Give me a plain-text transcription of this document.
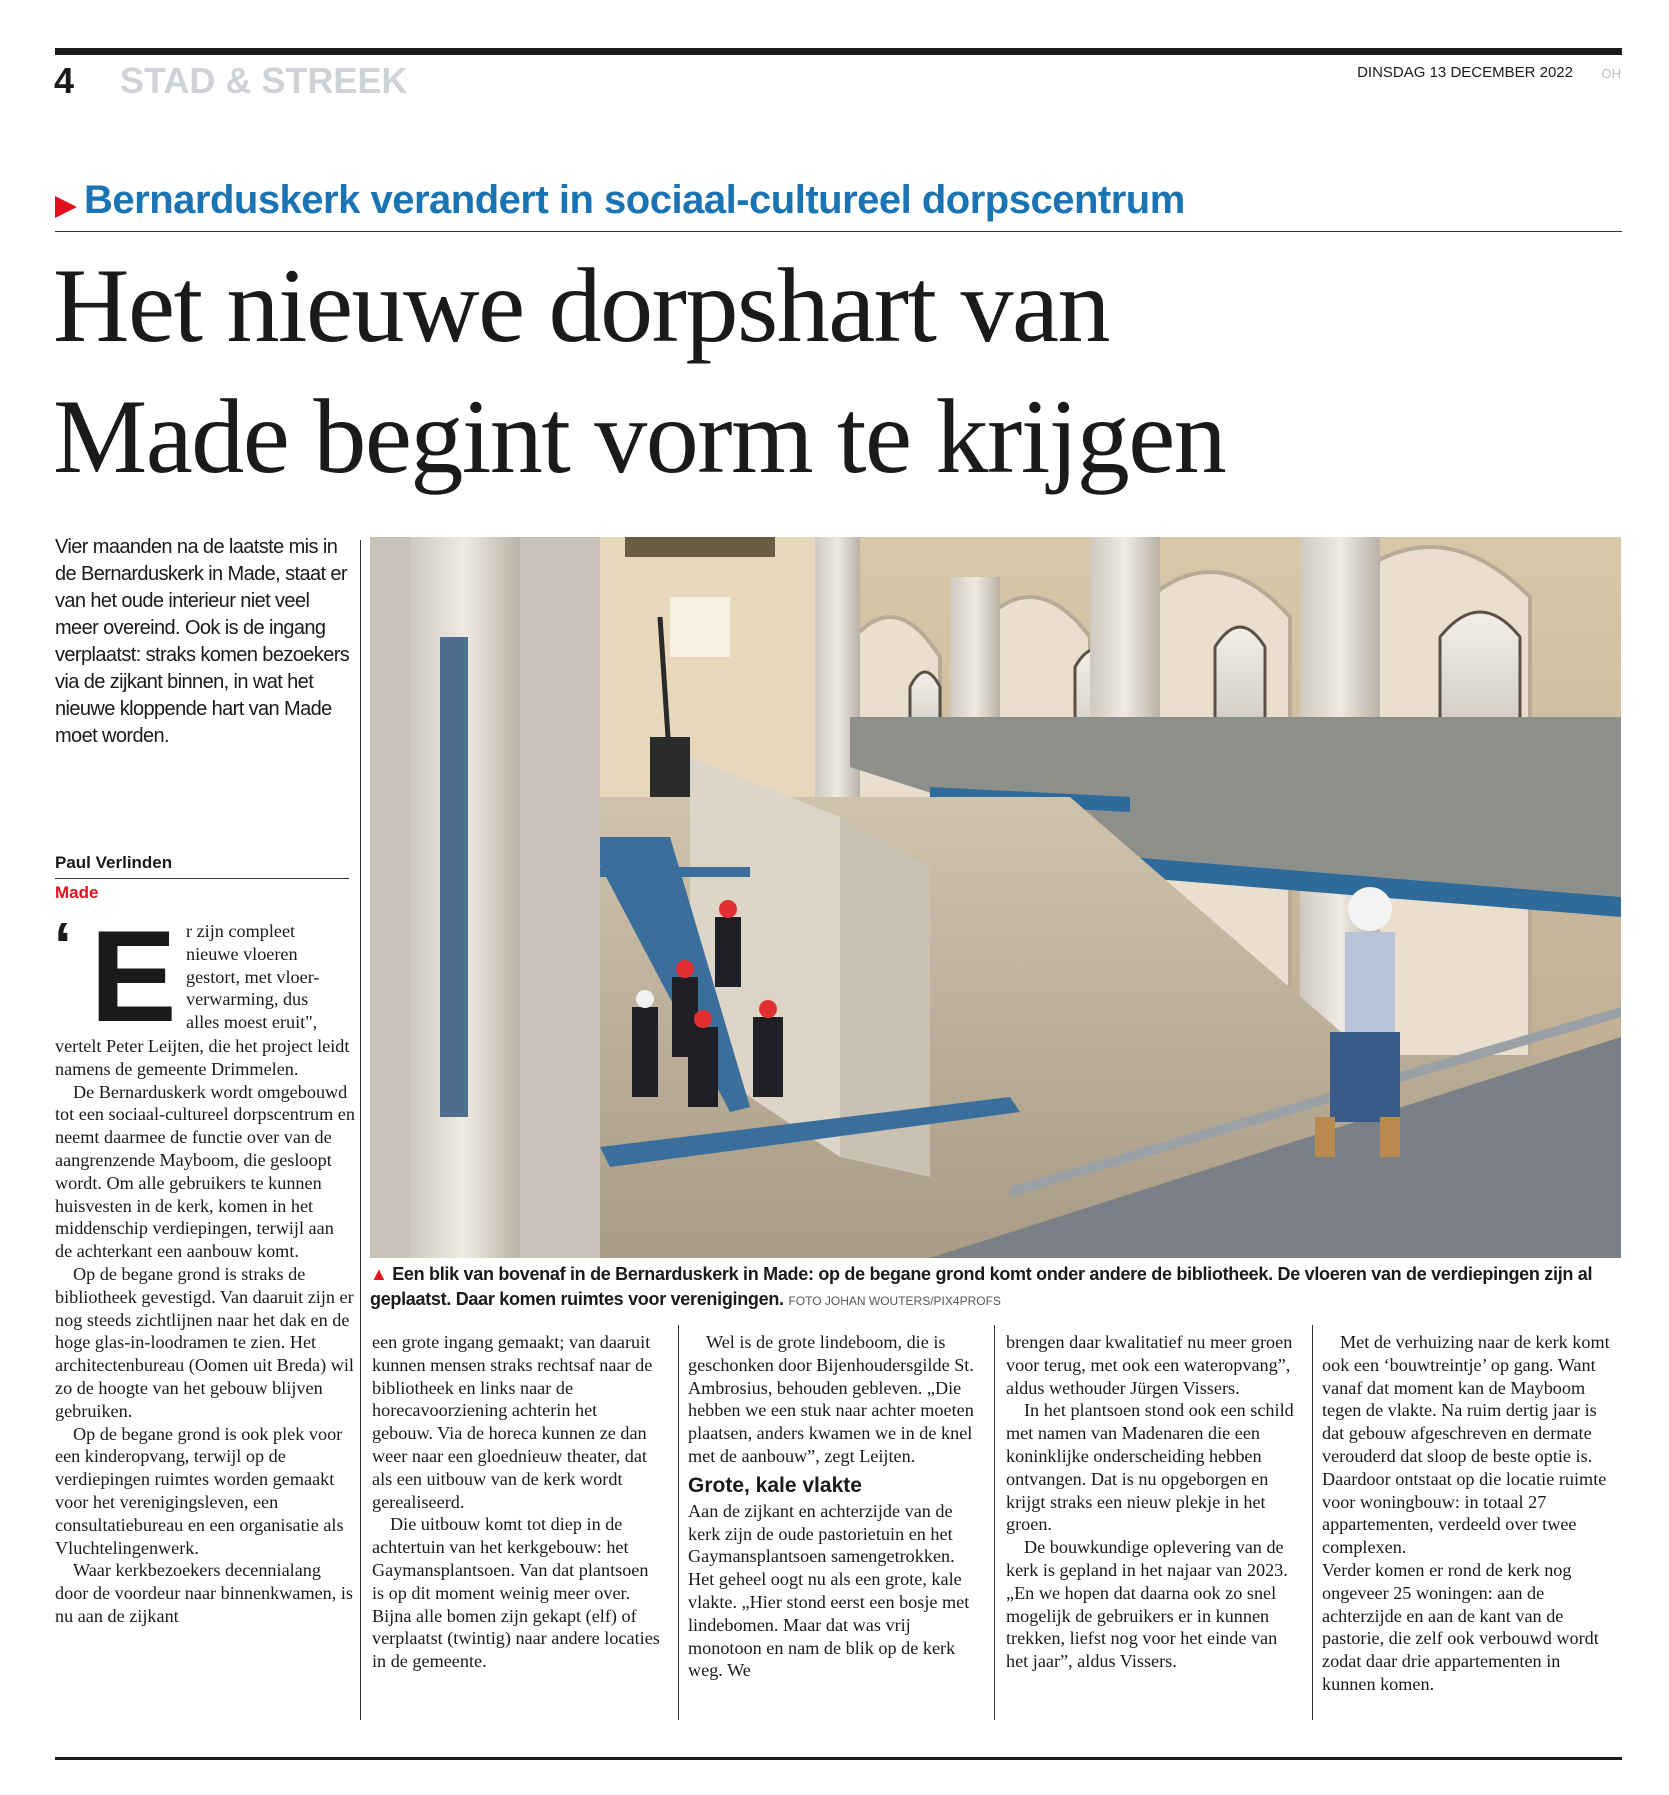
4 STAD & STREEK	DINSDAG 13 DECEMBER 2022 OH
Bernarduskerk verandert in sociaal-cultureel dorpscentrum
Het nieuwe dorpshart van
Made begint vorm te krijgen
Vier maanden na de laatste mis in de Bernarduskerk in Made, staat er van het oude interieur niet veel meer overeind. Ook is de ingang verplaatst: straks komen bezoekers via de zijkant binnen, in wat het nieuwe kloppende hart van Made moet worden.
Paul Verlinden
Made
‘ E r zijn compleet
nieuwe vloeren
gestort, met vloer-
verwarming, dus
alles moest eruit",

vertelt Peter Leijten, die het project leidt namens de gemeente Drimmelen.

De Bernarduskerk wordt omgebouwd tot een sociaal-cultureel dorpscentrum en neemt daarmee de functie over van de aangrenzende Mayboom, die gesloopt wordt. Om alle gebruikers te kunnen huisvesten in de kerk, komen in het middenschip verdiepingen, terwijl aan de achterkant een aanbouw komt.

Op de begane grond is straks de bibliotheek gevestigd. Van daaruit zijn er nog steeds zichtlijnen naar het dak en de hoge glas-in-loodramen te zien. Het architectenbureau (Oomen uit Breda) wil zo de hoogte van het gebouw blijven gebruiken.

Op de begane grond is ook plek voor een kinderopvang, terwijl op de verdiepingen ruimtes worden gemaakt voor het verenigingsleven, een consultatiebureau en een organisatie als Vluchtelingenwerk.

Waar kerkbezoekers decennialang door de voordeur naar binnenkwamen, is nu aan de zijkant

▲ Een blik van bovenaf in de Bernarduskerk in Made: op de begane grond komt onder andere de bibliotheek. De vloeren van de verdiepingen zijn al geplaatst. Daar komen ruimtes voor verenigingen. FOTO JOHAN WOUTERS/PIX4PROFS

een grote ingang gemaakt; van daaruit kunnen mensen straks rechtsaf naar de bibliotheek en links naar de horecavoorziening achterin het gebouw. Via de horeca kunnen ze dan weer naar een gloednieuw theater, dat als een uitbouw van de kerk wordt gerealiseerd.

Die uitbouw komt tot diep in de achtertuin van het kerkgebouw: het Gaymansplantsoen. Van dat plantsoen is op dit moment weinig meer over. Bijna alle bomen zijn gekapt (elf) of verplaatst (twintig) naar andere locaties in de gemeente.

Wel is de grote lindeboom, die is geschonken door Bijenhoudersgilde St. Ambrosius, behouden gebleven. „Die hebben we een stuk naar achter moeten plaatsen, anders kwamen we in de knel met de aanbouw”, zegt Leijten.

Grote, kale vlakte

Aan de zijkant en achterzijde van de kerk zijn de oude pastorietuin en het Gaymansplantsoen samengetrokken. Het geheel oogt nu als een grote, kale vlakte. „Hier stond eerst een bosje met lindebomen. Maar dat was vrij monotoon en nam de blik op de kerk weg. We

brengen daar kwalitatief nu meer groen voor terug, met ook een wateropvang”, aldus wethouder Jürgen Vissers.

In het plantsoen stond ook een schild met namen van Madenaren die een koninklijke onderscheiding hebben ontvangen. Dat is nu opgeborgen en krijgt straks een nieuw plekje in het groen.

De bouwkundige oplevering van de kerk is gepland in het najaar van 2023. „En we hopen dat daarna ook zo snel mogelijk de gebruikers er in kunnen trekken, liefst nog voor het einde van het jaar”, aldus Vissers.

Met de verhuizing naar de kerk komt ook een ‘bouwtreintje’ op gang. Want vanaf dat moment kan de Mayboom tegen de vlakte. Na ruim dertig jaar is dat gebouw afgeschreven en dermate verouderd dat sloop de beste optie is. Daardoor ontstaat op die locatie ruimte voor woningbouw: in totaal 27 appartementen, verdeeld over twee complexen.

Verder komen er rond de kerk nog ongeveer 25 woningen: aan de achterzijde en aan de kant van de pastorie, die zelf ook verbouwd wordt zodat daar drie appartementen in kunnen komen.
